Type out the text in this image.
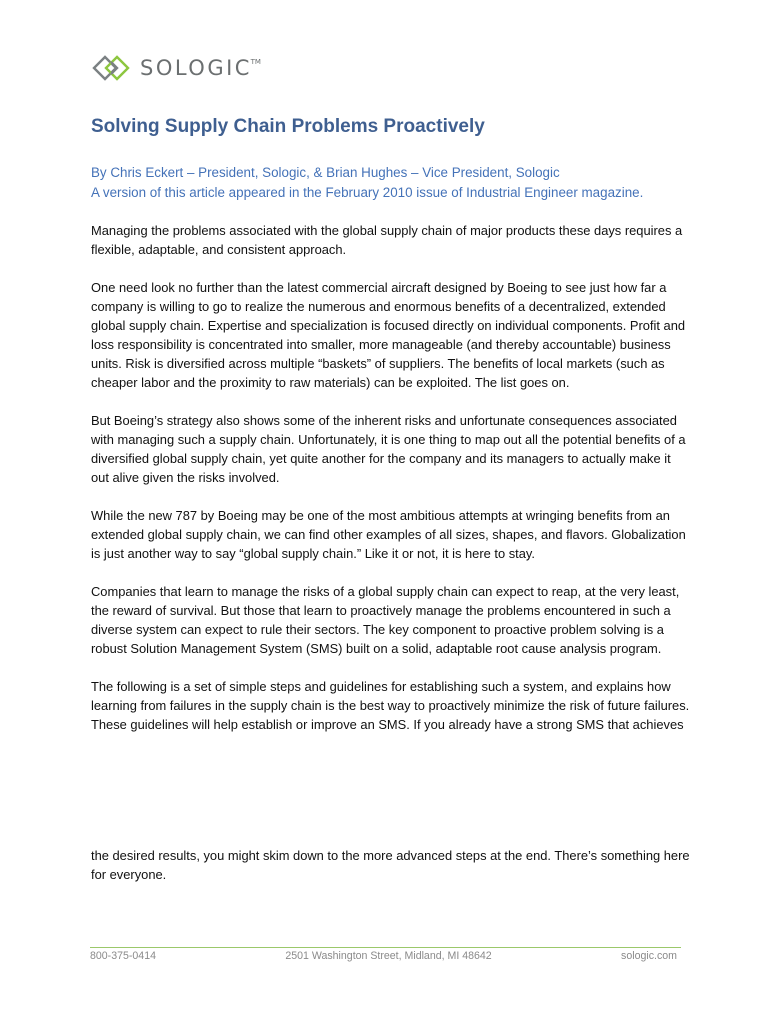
SOLOGIC
TM
Solving Supply Chain Problems Proactively
By Chris Eckert – President, Sologic, & Brian Hughes – Vice President, Sologic
A version of this article appeared in the February 2010 issue of Industrial Engineer magazine.

Managing the problems associated with the global supply chain of major products these days requires a flexible, adaptable, and consistent approach.

One need look no further than the latest commercial aircraft designed by Boeing to see just how far a company is willing to go to realize the numerous and enormous benefits of a decentralized, extended global supply chain. Expertise and specialization is focused directly on individual components. Profit and loss responsibility is concentrated into smaller, more manageable (and thereby accountable) business units. Risk is diversified across multiple “baskets” of suppliers. The benefits of local markets (such as cheaper labor and the proximity to raw materials) can be exploited. The list goes on.

But Boeing’s strategy also shows some of the inherent risks and unfortunate consequences associated with managing such a supply chain. Unfortunately, it is one thing to map out all the potential benefits of a diversified global supply chain, yet quite another for the company and its managers to actually make it out alive given the risks involved.

While the new 787 by Boeing may be one of the most ambitious attempts at wringing benefits from an extended global supply chain, we can find other examples of all sizes, shapes, and flavors. Globalization is just another way to say “global supply chain.” Like it or not, it is here to stay.

Companies that learn to manage the risks of a global supply chain can expect to reap, at the very least, the reward of survival. But those that learn to proactively manage the problems encountered in such a diverse system can expect to rule their sectors. The key component to proactive problem solving is a robust Solution Management System (SMS) built on a solid, adaptable root cause analysis program.

The following is a set of simple steps and guidelines for establishing such a system, and explains how learning from failures in the supply chain is the best way to proactively minimize the risk of future failures. These guidelines will help establish or improve an SMS. If you already have a strong SMS that achieves

the desired results, you might skim down to the more advanced steps at the end. There’s something here for everyone.

800-375-0414	2501 Washington Street, Midland, MI 48642	sologic.com
